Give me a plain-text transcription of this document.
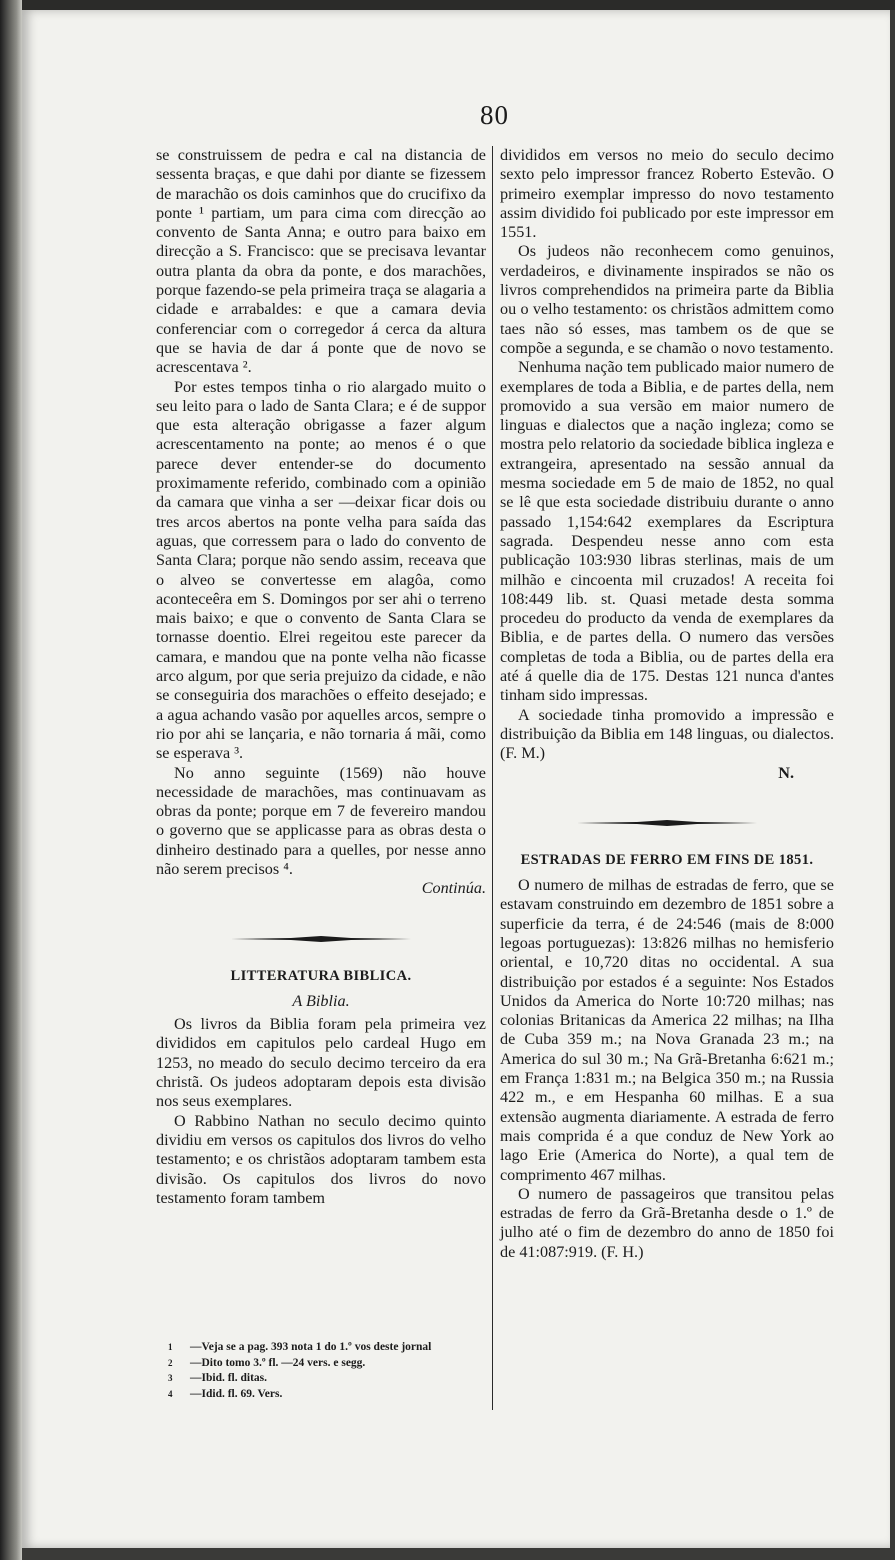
80

se construissem de pedra e cal na distancia de sessenta braças, e que dahi por diante se fizessem de marachão os dois caminhos que do crucifixo da ponte ¹ partiam, um para cima com direcção ao convento de Santa Anna; e outro para baixo em direcção a S. Francisco: que se precisava levantar outra planta da obra da ponte, e dos marachões, porque fazendo-se pela primeira traça se alagaria a cidade e arrabaldes: e que a camara devia conferenciar com o corregedor á cerca da altura que se havia de dar á ponte que de novo se acrescentava ².

Por estes tempos tinha o rio alargado muito o seu leito para o lado de Santa Clara; e é de suppor que esta alteração obrigasse a fazer algum acrescentamento na ponte; ao menos é o que parece dever entender-se do documento proximamente referido, combinado com a opinião da camara que vinha a ser —deixar ficar dois ou tres arcos abertos na ponte velha para saída das aguas, que corressem para o lado do convento de Santa Clara; porque não sendo assim, receava que o alveo se convertesse em alagôa, como aconteceêra em S. Domingos por ser ahi o terreno mais baixo; e que o convento de Santa Clara se tornasse doentio. Elrei regeitou este parecer da camara, e mandou que na ponte velha não ficasse arco algum, por que seria prejuizo da cidade, e não se conseguiria dos marachões o effeito desejado; e a agua achando vasão por aquelles arcos, sempre o rio por ahi se lançaria, e não tornaria á mãi, como se esperava ³.

No anno seguinte (1569) não houve necessidade de marachões, mas continuavam as obras da ponte; porque em 7 de fevereiro mandou o governo que se applicasse para as obras desta o dinheiro destinado para a quelles, por nesse anno não serem precisos ⁴.

Continúa.
LITTERATURA BIBLICA.
A Biblia.

Os livros da Biblia foram pela primeira vez divididos em capitulos pelo cardeal Hugo em 1253, no meado do seculo decimo terceiro da era christã. Os judeos adoptaram depois esta divisão nos seus exemplares.

O Rabbino Nathan no seculo decimo quinto dividiu em versos os capitulos dos livros do velho testamento; e os christãos adoptaram tambem esta divisão. Os capitulos dos livros do novo testamento foram tambem

1	—Veja se a pag. 393 nota 1 do 1.º vos deste jornal
2	—Dito tomo 3.º fl. —24 vers. e segg.
3	—Ibid. fl. ditas.
4	—Idid. fl. 69. Vers.

divididos em versos no meio do seculo decimo sexto pelo impressor francez Roberto Estevão. O primeiro exemplar impresso do novo testamento assim dividido foi publicado por este impressor em 1551.

Os judeos não reconhecem como genuinos, verdadeiros, e divinamente inspirados se não os livros comprehendidos na primeira parte da Biblia ou o velho testamento: os christãos admittem como taes não só esses, mas tambem os de que se compõe a segunda, e se chamão o novo testamento.

Nenhuma nação tem publicado maior numero de exemplares de toda a Biblia, e de partes della, nem promovido a sua versão em maior numero de linguas e dialectos que a nação ingleza; como se mostra pelo relatorio da sociedade biblica ingleza e extrangeira, apresentado na sessão annual da mesma sociedade em 5 de maio de 1852, no qual se lê que esta sociedade distribuiu durante o anno passado 1,154:642 exemplares da Escriptura sagrada. Despendeu nesse anno com esta publicação 103:930 libras sterlinas, mais de um milhão e cincoenta mil cruzados! A receita foi 108:449 lib. st. Quasi metade desta somma procedeu do producto da venda de exemplares da Biblia, e de partes della. O numero das versões completas de toda a Biblia, ou de partes della era até á quelle dia de 175. Destas 121 nunca d'antes tinham sido impressas.

A sociedade tinha promovido a impressão e distribuição da Biblia em 148 linguas, ou dialectos. (F. M.)

N.
ESTRADAS DE FERRO EM FINS DE 1851.

O numero de milhas de estradas de ferro, que se estavam construindo em dezembro de 1851 sobre a superficie da terra, é de 24:546 (mais de 8:000 legoas portuguezas): 13:826 milhas no hemisferio oriental, e 10,720 ditas no occidental. A sua distribuição por estados é a seguinte: Nos Estados Unidos da America do Norte 10:720 milhas; nas colonias Britanicas da America 22 milhas; na Ilha de Cuba 359 m.; na Nova Granada 23 m.; na America do sul 30 m.; Na Grã-Bretanha 6:621 m.; em França 1:831 m.; na Belgica 350 m.; na Russia 422 m., e em Hespanha 60 milhas. E a sua extensão augmenta diariamente. A estrada de ferro mais comprida é a que conduz de New York ao lago Erie (America do Norte), a qual tem de comprimento 467 milhas.

O numero de passageiros que transitou pelas estradas de ferro da Grã-Bretanha desde o 1.º de julho até o fim de dezembro do anno de 1850 foi de 41:087:919. (F. H.)
